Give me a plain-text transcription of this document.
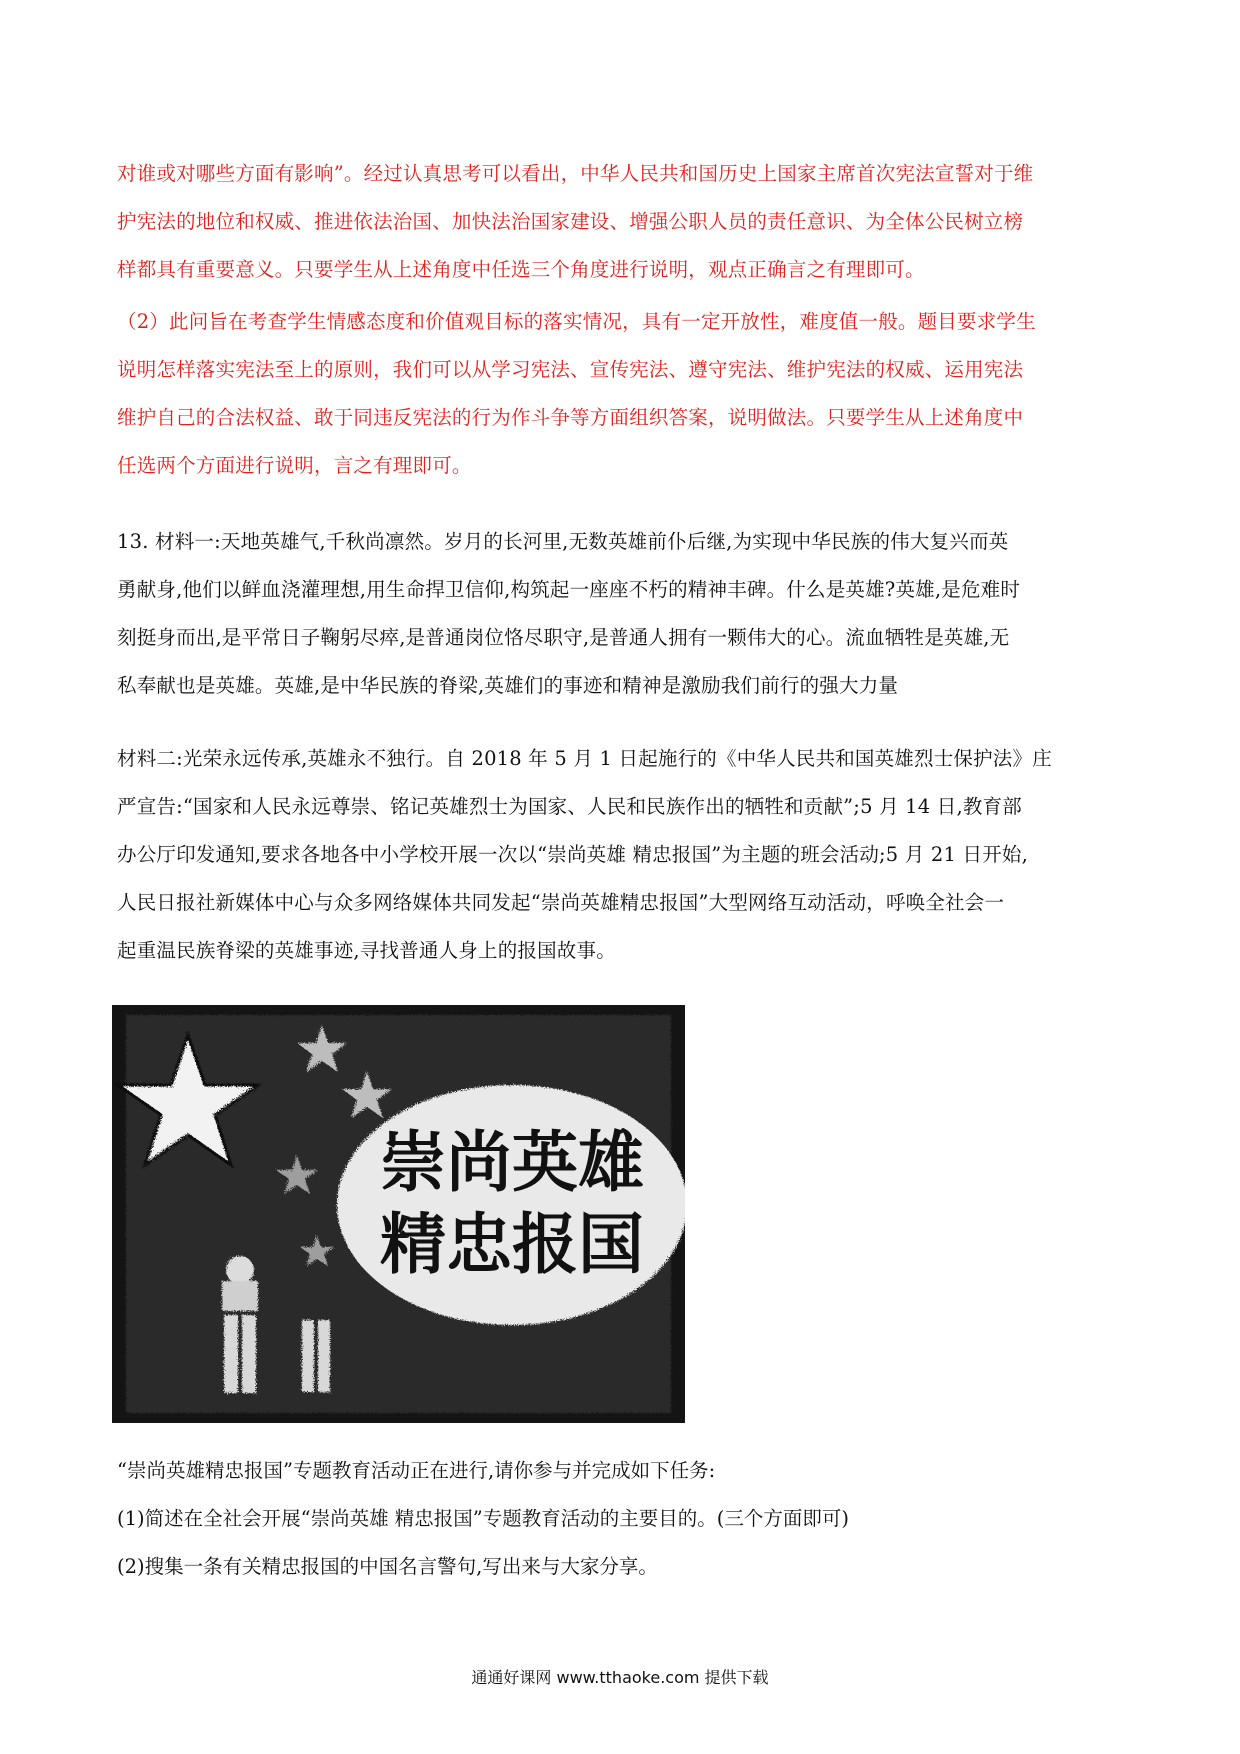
对谁或对哪些方面有影响”。经过认真思考可以看出，中华人民共和国历史上国家主席首次宪法宣誓对于维
护宪法的地位和权威、推进依法治国、加快法治国家建设、增强公职人员的责任意识、为全体公民树立榜
样都具有重要意义。只要学生从上述角度中任选三个角度进行说明，观点正确言之有理即可。

（2）此问旨在考查学生情感态度和价值观目标的落实情况，具有一定开放性，难度值一般。题目要求学生
说明怎样落实宪法至上的原则，我们可以从学习宪法、宣传宪法、遵守宪法、维护宪法的权威、运用宪法
维护自己的合法权益、敢于同违反宪法的行为作斗争等方面组织答案，说明做法。只要学生从上述角度中
任选两个方面进行说明，言之有理即可。

13. 材料一:天地英雄气,千秋尚凛然。岁月的长河里,无数英雄前仆后继,为实现中华民族的伟大复兴而英
勇献身,他们以鲜血浇灌理想,用生命捍卫信仰,构筑起一座座不朽的精神丰碑。什么是英雄?英雄,是危难时
刻挺身而出,是平常日子鞠躬尽瘁,是普通岗位恪尽职守,是普通人拥有一颗伟大的心。流血牺牲是英雄,无
私奉献也是英雄。英雄,是中华民族的脊梁,英雄们的事迹和精神是激励我们前行的强大力量

材料二:光荣永远传承,英雄永不独行。自 2018 年 5 月 1 日起施行的《中华人民共和国英雄烈士保护法》庄
严宣告:“国家和人民永远尊崇、铭记英雄烈士为国家、人民和民族作出的牺牲和贡献”;5 月 14 日,教育部
办公厅印发通知,要求各地各中小学校开展一次以“崇尚英雄 精忠报国”为主题的班会活动;5 月 21 日开始,
人民日报社新媒体中心与众多网络媒体共同发起“崇尚英雄精忠报国”大型网络互动活动，呼唤全社会一
起重温民族脊梁的英雄事迹,寻找普通人身上的报国故事。

崇尚英雄
精忠报国

“崇尚英雄精忠报国”专题教育活动正在进行,请你参与并完成如下任务:

(1)简述在全社会开展“崇尚英雄 精忠报国”专题教育活动的主要目的。(三个方面即可)

(2)搜集一条有关精忠报国的中国名言警句,写出来与大家分享。

通通好课网 www.tthaoke.com 提供下载
